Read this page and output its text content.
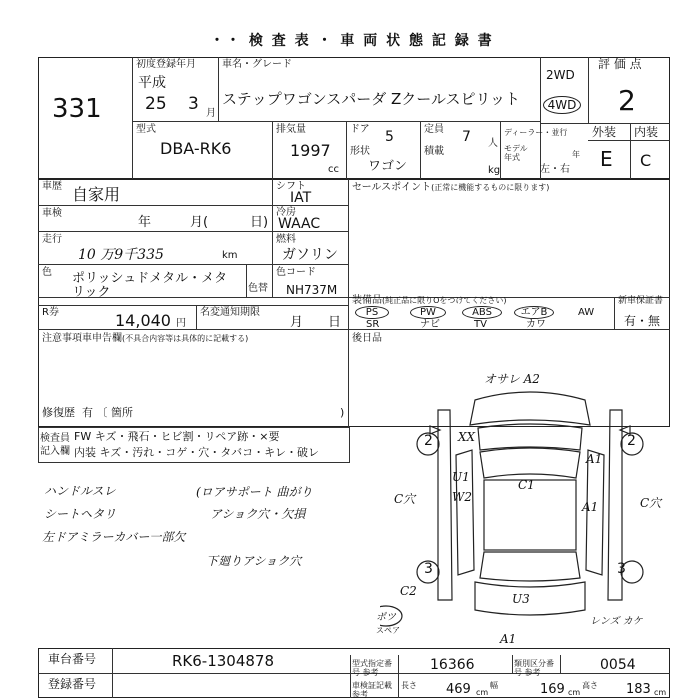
・・ 検 査 表 ・ 車 両 状 態 記 録 書
331
初度登録年月
平成
25 3 月
車名・グレード
ステップワゴンスパーダ Zクールスピリット
2WD
4WD
評 価 点
2
型式
DBA-RK6
排気量
1997
cc
ドア 5
形状
ワゴン
定員 7 人
積載
kg
ディーラー・並行
モデル 年式	年
左・右
外装 内装
E C
車歴 自家用	シフト
IAT
車検
年	月(	日)
冷房
WAAC
走行
10 万9千335	km
燃料
ガソリン
色 ポリッシュドメタル・メタ
リック	色替
色コード
NH737M
R券	14,040 円
名変通知期限
月 日
セールスポイント(正常に機能するものに限ります)
装備品(純正品に限りOをつけてください)
PS	PW	ABS	エアB	AW
SR	ナビ	TV	カワ
新車保証書
有・無
後日品
注意事項車申告欄(不具合内容等は具体的に記載する)
修復歴 有 〔 箇所	)
検査員
記入欄
FW キズ・飛石・ヒビ割・リペア跡・×要
内装 キズ・汚れ・コゲ・穴・タバコ・キレ・破レ
ハンドルスレ
シートヘタリ
左ドアミラーカバー一部欠
(ロアサポート 曲がり
アショク穴・欠損
下廻りアショク穴
オサレ A2
XX
2	2
3	3
A1
A1
A1
U1
W2
C1
U3
C穴	C穴
C2
レンズ カケ
ポツ
スペア
車台番号	RK6-1304878	型式指定番号 参考	16366	類別区分番号 参考	0054
登録番号	車検証記載 参考
長さ 469 cm
幅	169 cm
高さ 183 cm
